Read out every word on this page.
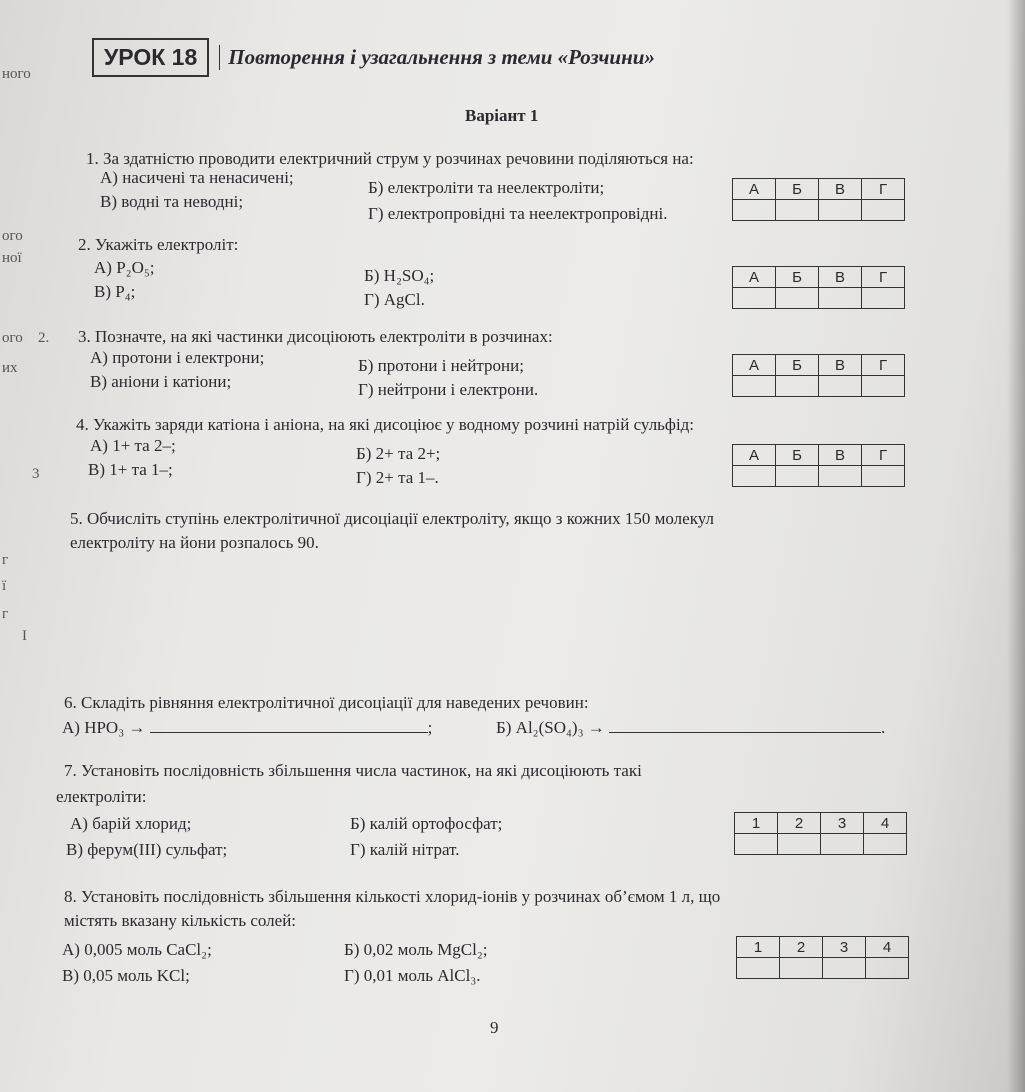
ного
ого
ної
ого 2.
их
3
г
ї
г
І
УРОК 18	Повторення і узагальнення з теми «Розчини»
Варіант 1
1. За здатністю проводити електричний струм у розчинах речовини поділяються на:
А) насичені та ненасичені;
Б) електроліти та неелектроліти;
В) водні та неводні;
Г) електропровідні та неелектропровідні.
А	Б	В	Г

2. Укажіть електроліт:
А) P₂O₅;	Б) H₂SO₄;
В) P₄;	Г) AgCl.
А	Б	В	Г

3. Позначте, на які частинки дисоціюють електроліти в розчинах:
А) протони і електрони;	Б) протони і нейтрони;
В) аніони і катіони;	Г) нейтрони і електрони.
А	Б	В	Г

4. Укажіть заряди катіона і аніона, на які дисоціює у водному розчині натрій сульфід:
А) 1+ та 2–;	Б) 2+ та 2+;
В) 1+ та 1–;	Г) 2+ та 1–.
А	Б	В	Г

5. Обчисліть ступінь електролітичної дисоціації електроліту, якщо з кожних 150 молекул
електроліту на йони розпалось 90.
6. Складіть рівняння електролітичної дисоціації для наведених речовин:
А) HPO₃ →	;	Б) Al₂(SO₄)₃ →	.
7. Установіть послідовність збільшення числа частинок, на які дисоціюють такі
електроліти:
А) барій хлорид;	Б) калій ортофосфат;
В) ферум(ІІІ) сульфат;	Г) калій нітрат.
1	2	3	4

8. Установіть послідовність збільшення кількості хлорид-іонів у розчинах об’ємом 1 л, що
містять вказану кількість солей:
А) 0,005 моль CaCl₂;	Б) 0,02 моль MgCl₂;
В) 0,05 моль KCl;	Г) 0,01 моль AlCl₃.
1	2	3	4

9
